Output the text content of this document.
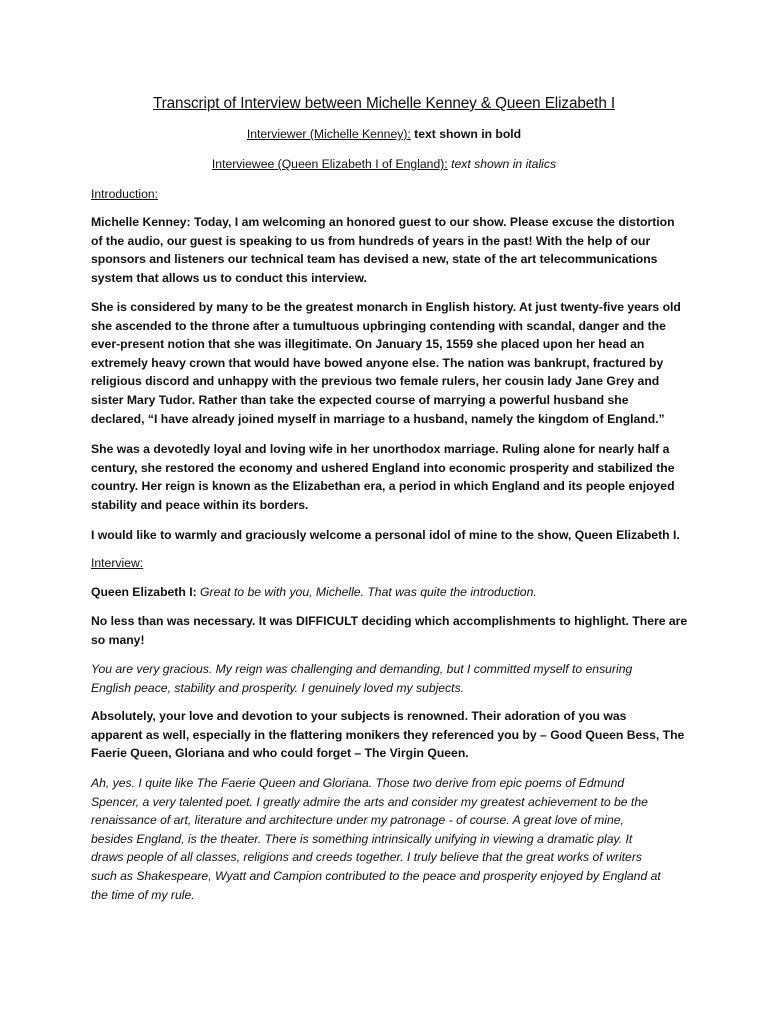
Transcript of Interview between Michelle Kenney & Queen Elizabeth I
Interviewer (Michelle Kenney): text shown in bold
Interviewee (Queen Elizabeth I of England): text shown in italics
Introduction:
Michelle Kenney: Today, I am welcoming an honored guest to our show. Please excuse the distortion
of the audio, our guest is speaking to us from hundreds of years in the past! With the help of our
sponsors and listeners our technical team has devised a new, state of the art telecommunications
system that allows us to conduct this interview.
She is considered by many to be the greatest monarch in English history. At just twenty-five years old
she ascended to the throne after a tumultuous upbringing contending with scandal, danger and the
ever-present notion that she was illegitimate. On January 15, 1559 she placed upon her head an
extremely heavy crown that would have bowed anyone else. The nation was bankrupt, fractured by
religious discord and unhappy with the previous two female rulers, her cousin lady Jane Grey and
sister Mary Tudor. Rather than take the expected course of marrying a powerful husband she
declared, “I have already joined myself in marriage to a husband, namely the kingdom of England.”
She was a devotedly loyal and loving wife in her unorthodox marriage. Ruling alone for nearly half a
century, she restored the economy and ushered England into economic prosperity and stabilized the
country. Her reign is known as the Elizabethan era, a period in which England and its people enjoyed
stability and peace within its borders.
I would like to warmly and graciously welcome a personal idol of mine to the show, Queen Elizabeth I.
Interview:
Queen Elizabeth I: Great to be with you, Michelle. That was quite the introduction.
No less than was necessary. It was DIFFICULT deciding which accomplishments to highlight. There are
so many!
You are very gracious. My reign was challenging and demanding, but I committed myself to ensuring
English peace, stability and prosperity. I genuinely loved my subjects.
Absolutely, your love and devotion to your subjects is renowned. Their adoration of you was
apparent as well, especially in the flattering monikers they referenced you by – Good Queen Bess, The
Faerie Queen, Gloriana and who could forget – The Virgin Queen.
Ah, yes. I quite like The Faerie Queen and Gloriana. Those two derive from epic poems of Edmund
Spencer, a very talented poet. I greatly admire the arts and consider my greatest achievement to be the
renaissance of art, literature and architecture under my patronage - of course. A great love of mine,
besides England, is the theater. There is something intrinsically unifying in viewing a dramatic play. It
draws people of all classes, religions and creeds together. I truly believe that the great works of writers
such as Shakespeare, Wyatt and Campion contributed to the peace and prosperity enjoyed by England at
the time of my rule.
